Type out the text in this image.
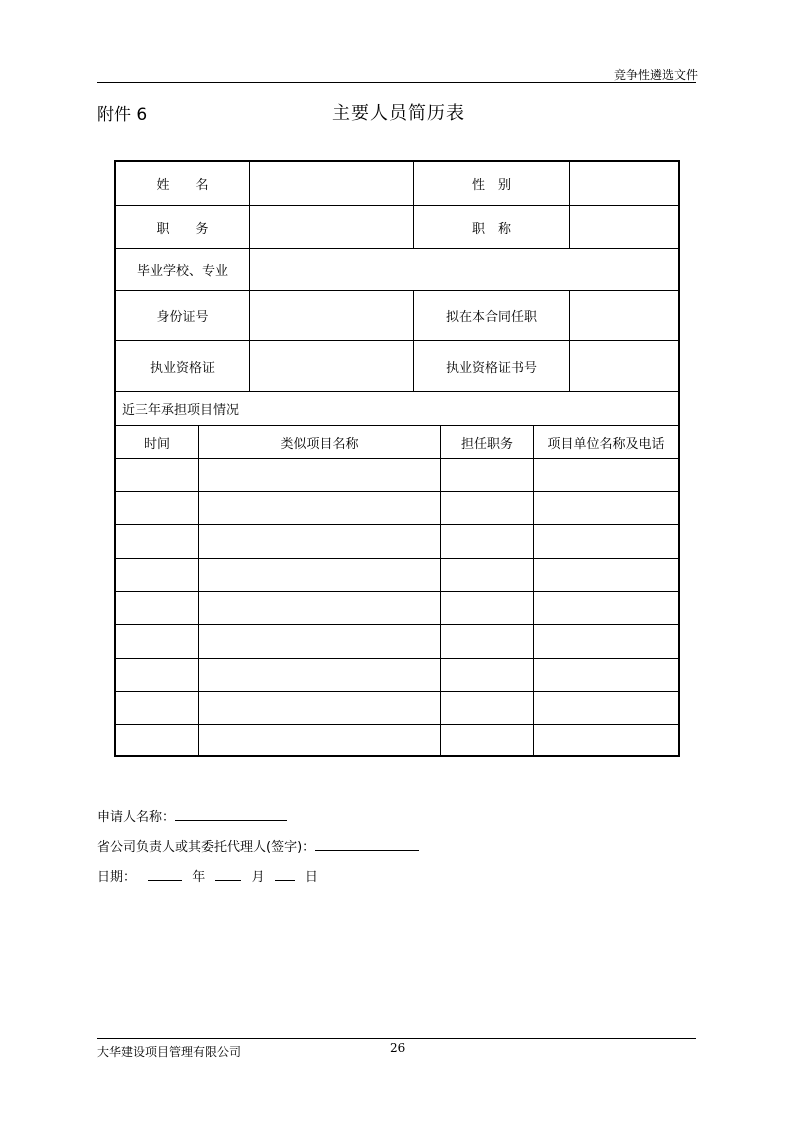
竞争性遴选文件
附件 6	主要人员简历表
姓　　名	性　别
职　　务	职　称
毕业学校、专业
身份证号	拟在本合同任职
执业资格证	执业资格证书号
近三年承担项目情况
时间	类似项目名称	担任职务	项目单位名称及电话
申请人名称：
省公司负责人或其委托代理人(签字)：
日期：	年	月	日
大华建设项目管理有限公司	26
